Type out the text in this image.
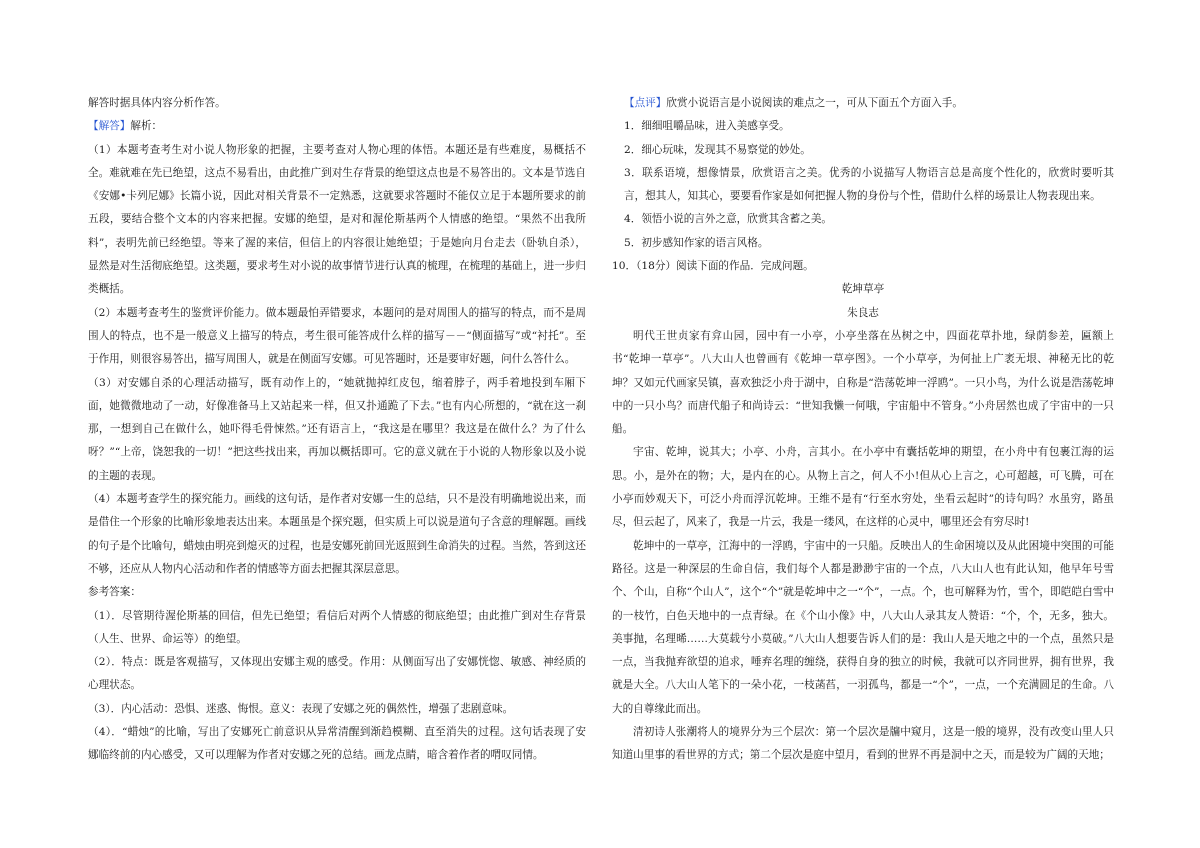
解答时据具体内容分析作答。

【解答】解析：

（1）本题考查考生对小说人物形象的把握，主要考查对人物心理的体悟。本题还是有些难度，易概括不全。难就难在先已绝望，这点不易看出，由此推广到对生存背景的绝望这点也是不易答出的。文本是节选自《安娜•卡列尼娜》长篇小说，因此对相关背景不一定熟悉，这就要求答题时不能仅立足于本题所要求的前五段，要结合整个文本的内容来把握。安娜的绝望，是对和渥伦斯基两个人情感的绝望。“果然不出我所料”，表明先前已经绝望。等来了渥的来信，但信上的内容很让她绝望；于是她向月台走去（卧轨自杀），显然是对生活彻底绝望。这类题，要求考生对小说的故事情节进行认真的梳理，在梳理的基础上，进一步归类概括。

（2）本题考查考生的鉴赏评价能力。做本题最怕弄错要求，本题问的是对周围人的描写的特点，而不是周围人的特点，也不是一般意义上描写的特点，考生很可能答成什么样的描写－－“侧面描写”或“衬托”。至于作用，则很容易答出，描写周围人，就是在侧面写安娜。可见答题时，还是要审好题，问什么答什么。

（3）对安娜自杀的心理活动描写，既有动作上的，“她就抛掉红皮包，缩着脖子，两手着地投到车厢下面，她微微地动了一动，好像准备马上又站起来一样，但又扑通跪了下去。”也有内心所想的，“就在这一刹那，一想到自己在做什么，她吓得毛骨悚然。”还有语言上，“我这是在哪里？我这是在做什么？为了什么呀？”“上帝，饶恕我的一切！”把这些找出来，再加以概括即可。它的意义就在于小说的人物形象以及小说的主题的表现。

（4）本题考查学生的探究能力。画线的这句话，是作者对安娜一生的总结，只不是没有明确地说出来，而是借住一个形象的比喻形象地表达出来。本题虽是个探究题，但实质上可以说是道句子含意的理解题。画线的句子是个比喻句，蜡烛由明亮到熄灭的过程，也是安娜死前回光返照到生命消失的过程。当然，答到这还不够，还应从人物内心活动和作者的情感等方面去把握其深层意思。

参考答案：

（1）．尽管期待渥伦斯基的回信，但先已绝望；看信后对两个人情感的彻底绝望；由此推广到对生存背景（人生、世界、命运等）的绝望。

（2）．特点：既是客观描写，又体现出安娜主观的感受。作用：从侧面写出了安娜恍惚、敏感、神经质的心理状态。

（3）．内心活动：恐惧、迷惑、悔恨。意义：表现了安娜之死的偶然性，增强了悲剧意味。

（4）．“蜡烛”的比喻，写出了安娜死亡前意识从异常清醒到渐趋模糊、直至消失的过程。这句话表现了安娜临终前的内心感受，又可以理解为作者对安娜之死的总结。画龙点睛，暗含着作者的喟叹同情。

【点评】欣赏小说语言是小说阅读的难点之一，可从下面五个方面入手。

1．细细咀嚼品味，进入美感享受。

2．细心玩味，发现其不易察觉的妙处。

3．联系语境，想像情景，欣赏语言之美。优秀的小说描写人物语言总是高度个性化的，欣赏时要听其言，想其人，知其心，要要看作家是如何把握人物的身份与个性，借助什么样的场景让人物表现出来。

4．领悟小说的言外之意，欣赏其含蓄之美。

5．初步感知作家的语言风格。

10．（18分）阅读下面的作品．完成问题。

乾坤草亭

朱良志

明代王世贞家有弇山园，园中有一小亭，小亭坐落在丛树之中，四面花草扑地，绿荫参差，匾额上书“乾坤一草亭”。八大山人也曾画有《乾坤一草亭图》。一个小草亭，为何扯上广袤无垠、神秘无比的乾坤？又如元代画家吴镇，喜欢独泛小舟于湖中，自称是“浩荡乾坤一浮鸥”。一只小鸟，为什么说是浩荡乾坤中的一只小鸟？而唐代船子和尚诗云：“世知我懒一何哦，宇宙船中不管身。”小舟居然也成了宇宙中的一只船。

宇宙、乾坤，说其大；小亭、小舟，言其小。在小亭中有囊括乾坤的期望，在小舟中有包裹江海的运思。小，是外在的物；大，是内在的心。从物上言之，何人不小!但从心上言之，心可超越，可飞腾，可在小亭而妙观天下，可泛小舟而浮沉乾坤。王维不是有“行至水穷处，坐看云起时”的诗句吗？水虽穷，路虽尽，但云起了，风来了，我是一片云，我是一缕风，在这样的心灵中，哪里还会有穷尽时!

乾坤中的一草亭，江海中的一浮鸥，宇宙中的一只船。反映出人的生命困境以及从此困境中突围的可能路径。这是一种深层的生命自信，我们每个人都是渺渺宇宙的一个点，八大山人也有此认知，他早年号雪个、个山，自称“个山人”，这个“个”就是乾坤中之一“个”，一点。个，也可解释为竹，雪个，即皑皑白雪中的一枝竹，白色天地中的一点青绿。在《个山小像》中，八大山人录其友人赞语：“个，个，无多，独大。美事抛，名理晞……大莫载兮小莫破。”八大山人想要告诉人们的是：我山人是天地之中的一个点，虽然只是一点，当我抛弃欲望的追求，唾弃名理的缠绕，获得自身的独立的时候，我就可以齐同世界，拥有世界，我就是大全。八大山人笔下的一朵小花，一枝菡萏，一羽孤鸟，都是一“个”，一点，一个充满圆足的生命。八大的自尊缘此而出。

清初诗人张潮将人的境界分为三个层次：第一个层次是牖中窥月，这是一般的境界，没有改变山里人只知道山里事的看世界的方式；第二个层次是庭中望月，看到的世界不再是洞中之天，而是较为广阔的天地；
